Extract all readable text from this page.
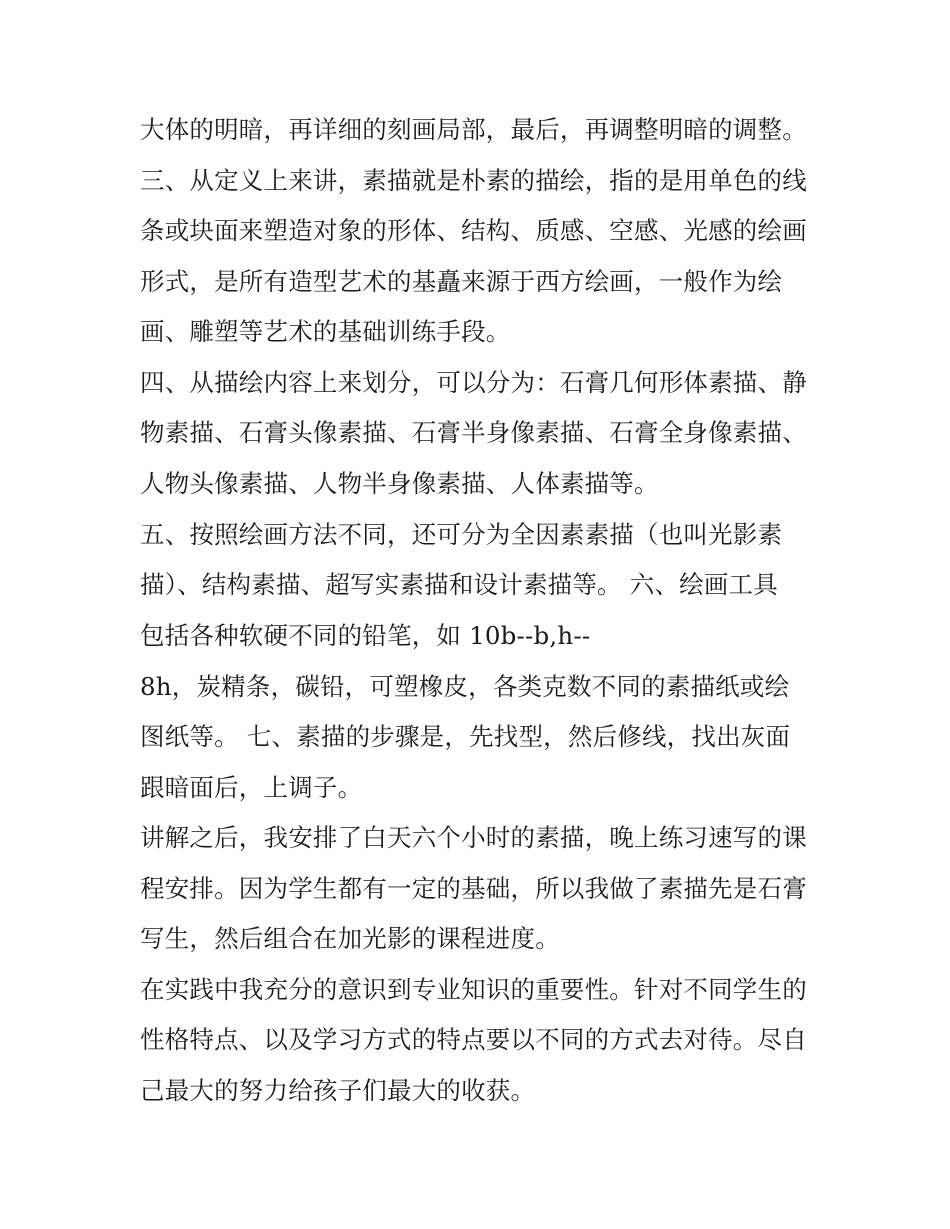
大体的明暗，再详细的刻画局部，最后，再调整明暗的调整。
三、从定义上来讲，素描就是朴素的描绘，指的是用单色的线
条或块面来塑造对象的形体、结构、质感、空感、光感的绘画
形式，是所有造型艺术的基矗来源于西方绘画，一般作为绘
画、雕塑等艺术的基础训练手段。
四、从描绘内容上来划分，可以分为：石膏几何形体素描、静
物素描、石膏头像素描、石膏半身像素描、石膏全身像素描、
人物头像素描、人物半身像素描、人体素描等。
五、按照绘画方法不同，还可分为全因素素描（也叫光影素
描）、结构素描、超写实素描和设计素描等。 六、绘画工具
包括各种软硬不同的铅笔，如 10b--b,h--
8h，炭精条，碳铅，可塑橡皮，各类克数不同的素描纸或绘
图纸等。 七、素描的步骤是，先找型，然后修线，找出灰面
跟暗面后，上调子。
讲解之后，我安排了白天六个小时的素描，晚上练习速写的课
程安排。因为学生都有一定的基础，所以我做了素描先是石膏
写生，然后组合在加光影的课程进度。
在实践中我充分的意识到专业知识的重要性。针对不同学生的
性格特点、以及学习方式的特点要以不同的方式去对待。尽自
己最大的努力给孩子们最大的收获。
